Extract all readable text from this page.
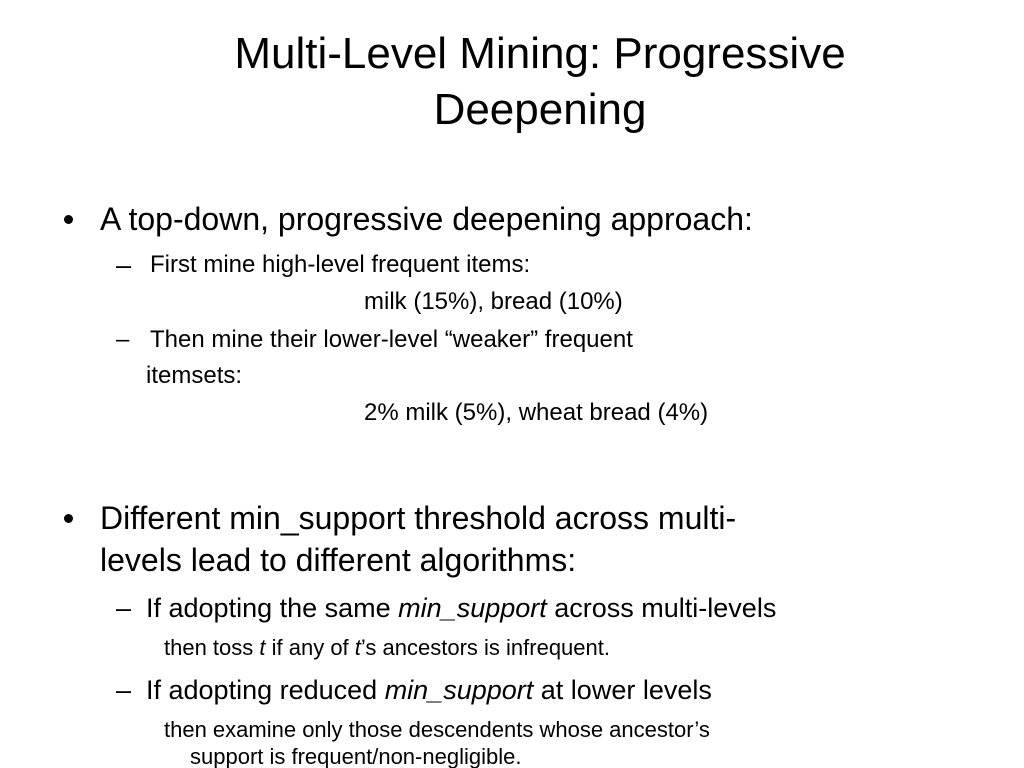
Multi-Level Mining: Progressive
Deepening
A top-down, progressive deepening approach:
– First mine high-level frequent items:
milk (15%), bread (10%)
– Then mine their lower-level “weaker” frequent
itemsets:
2% milk (5%), wheat bread (4%)
Different min_support threshold across multi-
levels lead to different algorithms:
– If adopting the same min_support across multi-levels
then toss t if any of t’s ancestors is infrequent.
– If adopting reduced min_support at lower levels
then examine only those descendents whose ancestor’s
support is frequent/non-negligible.
